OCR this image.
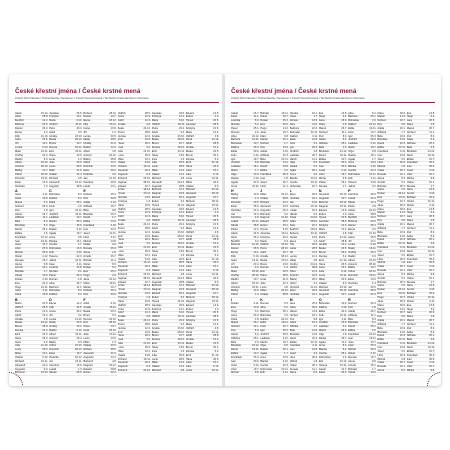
České křestní jména / České krstné mená
Czech First Names / Tschechische Vornamen / Czech Keresztnévek / Tscheche Kalenderstrem Vorname
Adam	24.12.
Alois	28.8.
Bedřich	12.2.
Božena	24.5.
Daniel	26.2.
Elena	3.2.
Filip	21.10.
Ivana	26.5.
Jiří	13.1.
Lenka	6.10.
Matěj	16.11.
Ondřej	20.4.
Radim	9.3.
Albert	23.10.
Antonín	28.10.
Blažej	10.7.
Ctibor	18.12.
Dominik	23.11.
Ester	13.6.
Hedvika	1.3.
A
Jana	4.11.
Klára	13.8.
Marek	3.2.
Norbert	26.3.
Petr	1.8.
Adéla	26.7.
Alžběta	11.1.
Běla	8.3.
Břetislav	5.2.
David	25.1.
Eliška	2.6.
František	24.12.
Ivan	19.11.
Josef	10.7.
Libor	25.3.
Michal	30.6.
Oskar	4.12.
Renata	19.7.
Alena	9.8.
Arnošt	16.1.
Bohdan	1.7.
Ctirad	13.9.
Dušan	4.10.
Eva	22.3.
Hugo	22.11.
Jana	4.11.
Klára	13.8.
B
Marie	20.5.
Oldřich	28.5.
Petra	21.6.
Adolf	12.4.
Amálie	4.8.
Beáta	24.12.
Bruno	28.8.
Denisa	12.2.
Emil	24.5.
Hana	26.2.
Iveta	3.2.
Julie	21.10.
Lucie	26.5.
Milan	13.1.
Otakar	6.10.
Richard	16.11.
Alexandr	20.4.
Augustin	9.3.
Bohumil	23.10.
Jaroslav	26.5.
Kristýna	13.1.
Marie	6.10.
Oldřich	16.11.
Petra	20.4.
Adolf	9.3.
Amálie	23.10.
Beáta	28.10.
Bruno	10.7.
Denisa	18.12.
Emil	23.11.
Hana	13.6.
Iveta	1.3.
Julie	20.5.
Lucie	28.5.
Milan	21.6.
Otakar	12.4.
Richard	4.8.
Alexandr	24.12.
Augustin	28.8.
C
Bohuslav	8.3.
Dalibor	5.2.
Edita	25.1.
Felix	2.6.
Igor	24.12.
Jindřich	19.11.
Ladislav	10.7.
Martin	25.3.
Olga	30.6.
Radek	4.12.
Agáta	19.7.
Anna	9.8.
Blanka	16.1.
Cecílie	1.7.
Dobroslav	13.9.
Erik	4.10.
Helena	22.3.
Jakub	22.11.
Karel	4.11.
Ludmila	13.8.
Monika	3.2.
Pavel	26.3.
Roman	1.8.
Alice	26.7.
Barbora	11.1.
Bohuslav	8.3.
Dalibor	5.2.
D
Elena	12.2.
Filip	24.5.
Ivana	26.2.
Jiří	3.2.
Lenka	21.10.
Matěj	26.5.
Ondřej	13.1.
Radim	6.10.
Albert	16.11.
Antonín	20.4.
Blažej	9.3.
Ctibor	23.10.
Dominik	28.10.
Ester	10.7.
Hedvika	18.12.
Jan	23.11.
Karolína	13.6.
Lukáš	1.3.
Nikola	20.5.
Božena	28.10.
Daniel	10.7.
Elena	18.12.
Filip	23.11.
Ivana	13.6.
Jiří	1.3.
Lenka	20.5.
Matěj	28.5.
Ondřej	21.6.
Radim	12.4.
Albert	4.8.
Antonín	24.12.
Blažej	28.8.
Ctibor	12.2.
Dominik	24.5.
Ester	26.2.
Hedvika	3.2.
Jan	21.10.
Karolína	26.5.
Lukáš	13.1.
E
Norbert	25.3.
Petr	30.6.
Adéla	4.12.
Alžběta	19.7.
Běla	9.8.
Břetislav	16.1.
David	1.7.
Eliška	13.9.
František	4.10.
Ivan	22.3.
Josef	22.11.
Libor	4.11.
Michal	13.8.
Oskar	3.2.
Renata	26.3.
Alena	1.8.
Arnošt	26.7.
Bohdan	11.1.
Ctirad	8.3.
Dušan	5.2.
Eva	25.1.
Hugo	2.6.
Jana	24.12.
Klára	19.11.
Marek	10.7.
Norbert	25.3.
Petr	30.6.
F
Adolf	6.10.
Amálie	16.11.
Beáta	20.4.
Bruno	9.3.
Denisa	23.10.
Emil	28.10.
Hana	10.7.
Iveta	18.12.
Julie	23.11.
Lucie	13.6.
Milan	1.3.
Otakar	20.5.
Richard	28.5.
Alexandr	21.6.
Augustin	12.4.
Bohumil	4.8.
Dagmar	24.12.
Eduard	28.8.
Evžen	12.2.
Oldřich	28.5.
Petra	21.6.
Adolf	12.4.
Amálie	4.8.
Beáta	24.12.
Bruno	28.8.
Denisa	12.2.
Emil	24.5.
Hana	26.2.
Iveta	3.2.
Julie	21.10.
Lucie	26.5.
Milan	13.1.
Otakar	6.10.
Richard	16.11.
Alexandr	20.4.
Augustin	9.3.
Bohumil	23.10.
Dagmar	28.10.
Eduard	10.7.
Evžen	18.12.
Hynek	23.11.
Jaroslav	13.6.
Kristýna	1.3.
Marie	20.5.
Oldřich	28.5.
Petra	21.6.
Adolf	12.4.
Amálie	4.8.
Beáta	24.12.
Bruno	28.8.
Denisa	12.2.
Emil	24.5.
Hana	26.2.
Iveta	3.2.
Julie	21.10.
Lucie	26.5.
Milan	13.1.
Otakar	6.10.
Richard	16.11.
Alexandr	20.4.
Augustin	9.3.
Bohumil	23.10.
Dagmar	28.10.
Eduard	10.7.
Evžen	18.12.
Hynek	23.11.
Jaroslav	13.6.
Kristýna	1.3.
Marie	20.5.
Oldřich	28.5.
Petra	21.6.
Adolf	12.4.
Amálie	4.8.
Beáta	24.12.
Bruno	28.8.
Denisa	12.2.
Emil	24.5.
Hana	26.2.
Iveta	3.2.
Julie	21.10.
Lucie	26.5.
Milan	13.1.
Otakar	6.10.
Richard	16.11.
Alexandr	20.4.
Augustin	9.3.
Bohumil	23.10.
Jaroslav	26.5.
Kristýna	13.1.
Marie	6.10.
Oldřich	16.11.
Petra	20.4.
Adolf	9.3.
Amálie	23.10.
Beáta	28.10.
Bruno	10.7.
Denisa	18.12.
Emil	23.11.
Hana	13.6.
Iveta	1.3.
Julie	20.5.
Lucie	28.5.
Milan	21.6.
Otakar	12.4.
Richard	4.8.
Alexandr	24.12.
Augustin	28.8.
Bohumil	12.2.
Dagmar	24.5.
Eduard	26.2.
Evžen	3.2.
Hynek	21.10.
Jaroslav	26.5.
Kristýna	13.1.
Marie	6.10.
Oldřich	16.11.
Petra	20.4.
Adolf	9.3.
Amálie	23.10.
Beáta	28.10.
Bruno	10.7.
Denisa	18.12.
Emil	23.11.
Hana	13.6.
Iveta	1.3.
Julie	20.5.
Lucie	28.5.
Milan	21.6.
Otakar	12.4.
Richard	4.8.
Alexandr	24.12.
Augustin	28.8.
Bohumil	12.2.
Dagmar	24.5.
Eduard	26.2.
Evžen	3.2.
Hynek	21.10.
Jaroslav	26.5.
Kristýna	13.1.
Marie	6.10.
Oldřich	16.11.
Petra	20.4.
Adolf	9.3.
Amálie	23.10.
Beáta	28.10.
Bruno	10.7.
Denisa	18.12.
Emil	23.11.
Hana	13.6.
Iveta	1.3.
Julie	20.5.
Lucie	28.5.
Milan	21.6.
Otakar	12.4.
Richard	4.8.
Eduard	13.6.
Evžen	1.3.
Hynek	20.5.
Jaroslav	28.5.
Kristýna	21.6.
Marie	12.4.
Oldřich	4.8.
Petra	24.12.
Adolf	28.8.
Amálie	12.2.
Beáta	24.5.
Bruno	26.2.
Denisa	3.2.
Emil	21.10.
Hana	26.5.
Iveta	13.1.
Julie	6.10.
Lucie	16.11.
Milan	20.4.
Otakar	9.3.
Richard	23.10.
Alexandr	28.10.
Augustin	10.7.
Bohumil	18.12.
Dagmar	23.11.
Eduard	13.6.
Evžen	1.3.
Hynek	20.5.
Jaroslav	28.5.
Kristýna	21.6.
Marie	12.4.
Oldřich	4.8.
Petra	24.12.
Adolf	28.8.
Amálie	12.2.
Beáta	24.5.
Bruno	26.2.
Denisa	3.2.
Emil	21.10.
Hana	26.5.
Iveta	13.1.
Julie	6.10.
Lucie	16.11.
Milan	20.4.
Otakar	9.3.
Richard	23.10.
Alexandr	28.10.
Augustin	10.7.
Bohumil	18.12.
Dagmar	23.11.
Eduard	13.6.
Evžen	1.3.
Hynek	20.5.
Jaroslav	28.5.
Kristýna	21.6.
Marie	12.4.
Oldřich	4.8.
Petra	24.12.
Adolf	28.8.
Amálie	12.2.
Beáta	24.5.
Bruno	26.2.
Denisa	3.2.
Emil	21.10.
Hana	26.5.
Iveta	13.1.
Julie	6.10.
Lucie	16.11.
České křestní jména / České krstné mená
Czech First Names / Tschechische Vornamen / Czech Keresztnévek / Tscheche Kalenderstrem Vorname
Jakub	26.7.
Karel	11.1.
Ludmila	8.3.
Monika	5.2.
Pavel	25.1.
Roman	2.6.
Alice	24.12.
Barbora	19.11.
Bohuslav	10.7.
Dalibor	25.3.
Edita	30.6.
Felix	4.12.
Igor	19.7.
Jindřich	9.8.
Ladislav	16.1.
Martin	1.7.
Olga	13.9.
Radek	4.10.
Agáta	22.3.
Anna	22.11.
H
Blažej	13.6.
Ctibor	1.3.
Dominik	20.5.
Ester	28.5.
Hedvika	21.6.
Jan	12.4.
Karolína	4.8.
Lukáš	24.12.
Nikola	28.8.
Pavla	12.2.
Adam	24.5.
Alois	26.2.
Bedřich	3.2.
Božena	21.10.
Daniel	26.5.
Elena	13.1.
Filip	6.10.
Ivana	16.11.
Jiří	20.4.
Lenka	9.3.
Matěj	23.10.
Ondřej	28.10.
Radim	10.7.
Albert	18.12.
Antonín	23.11.
Blažej	13.6.
Ctibor	1.3.
I
Dušan	4.11.
Eva	13.8.
Hugo	3.2.
Jana	26.3.
Klára	1.8.
Marek	26.7.
Norbert	11.1.
Petr	8.3.
Adéla	5.2.
Alžběta	25.1.
Běla	2.6.
Břetislav	24.12.
David	19.11.
Eliška	10.7.
František	25.3.
Ivan	30.6.
Josef	4.12.
Libor	19.7.
Michal	9.8.
Bohdan	19.11.
Ctirad	10.7.
Dušan	25.3.
Eva	30.6.
Hugo	4.12.
Jana	19.7.
Klára	9.8.
Marek	16.1.
Norbert	1.7.
Petr	13.9.
Adéla	4.10.
Alžběta	22.3.
Běla	22.11.
Břetislav	4.11.
David	13.8.
Eliška	3.2.
František	26.3.
Ivan	1.8.
Josef	26.7.
Libor	11.1.
J
Milan	24.12.
Otakar	28.8.
Richard	12.2.
Alexandr	24.5.
Augustin	26.2.
Bohumil	3.2.
Dagmar	21.10.
Eduard	26.5.
Evžen	13.1.
Hynek	6.10.
Jaroslav	16.11.
Kristýna	20.4.
Marie	9.3.
Oldřich	23.10.
Petra	28.10.
Adolf	10.7.
Amálie	18.12.
Beáta	23.11.
Bruno	13.6.
Denisa	1.3.
Emil	20.5.
Hana	28.5.
Iveta	21.6.
Julie	12.4.
Lucie	4.8.
Milan	24.12.
Otakar	28.8.
K
Roman	8.3.
Alice	5.2.
Barbora	25.1.
Bohuslav	2.6.
Dalibor	24.12.
Edita	19.11.
Felix	10.7.
Igor	25.3.
Jindřich	30.6.
Ladislav	4.12.
Martin	19.7.
Olga	9.8.
Radek	16.1.
Agáta	1.7.
Anna	13.9.
Blanka	4.10.
Cecílie	22.3.
Dobroslav	22.11.
Erik	4.11.
Monika	16.1.
Pavel	1.7.
Roman	13.9.
Alice	4.10.
Barbora	22.3.
Bohuslav	22.11.
Dalibor	4.11.
Edita	13.8.
Felix	3.2.
Igor	26.3.
Jindřich	1.8.
Ladislav	26.7.
Martin	11.1.
Olga	8.3.
Radek	5.2.
Agáta	25.1.
Anna	2.6.
Blanka	24.12.
Cecílie	19.11.
Dobroslav	10.7.
L
Ester	26.5.
Hedvika	13.1.
Jan	6.10.
Karolína	16.11.
Lukáš	20.4.
Nikola	9.3.
Pavla	23.10.
Adam	28.10.
Alois	10.7.
Bedřich	18.12.
Božena	23.11.
Daniel	13.6.
Elena	1.3.
Filip	20.5.
Ivana	28.5.
Jiří	21.6.
Lenka	12.4.
Matěj	4.8.
Ondřej	24.12.
Radim	28.8.
Albert	12.2.
Antonín	24.5.
Blažej	26.2.
Ctibor	3.2.
Dominik	21.10.
Ester	26.5.
Hedvika	13.1.
M
Jana	25.3.
Klára	30.6.
Marek	4.12.
Norbert	19.7.
Petr	9.8.
Adéla	16.1.
Alžběta	1.7.
Běla	13.9.
Břetislav	4.10.
David	22.3.
Eliška	22.11.
František	4.11.
Ivan	13.8.
Josef	3.2.
Libor	26.3.
Michal	1.8.
Oskar	26.7.
Renata	11.1.
Alena	8.3.
Eva	13.8.
Hugo	3.2.
Jana	26.3.
Klára	1.8.
Marek	26.7.
Norbert	11.1.
Petr	8.3.
Adéla	5.2.
Alžběta	25.1.
Běla	2.6.
Břetislav	24.12.
David	19.11.
Eliška	10.7.
František	25.3.
Ivan	30.6.
Josef	4.12.
Libor	19.7.
Michal	9.8.
Oskar	16.1.
Renata	1.7.
N
Alexandr	28.10.
Augustin	10.7.
Bohumil	18.12.
Dagmar	23.11.
Eduard	13.6.
Evžen	1.3.
Hynek	20.5.
Jaroslav	28.5.
Kristýna	21.6.
Marie	12.4.
Oldřich	4.8.
Petra	24.12.
Adolf	28.8.
Amálie	12.2.
Beáta	24.5.
Bruno	26.2.
Denisa	3.2.
Emil	21.10.
Hana	26.5.
Iveta	13.1.
Julie	6.10.
Lucie	16.11.
Milan	20.4.
Otakar	9.3.
Richard	23.10.
Alexandr	28.10.
Augustin	10.7.
O
Bohuslav	13.9.
Dalibor	4.10.
Edita	22.3.
Felix	22.11.
Igor	4.11.
Jindřich	13.8.
Ladislav	3.2.
Martin	26.3.
Olga	1.8.
Radek	26.7.
Agáta	11.1.
Anna	8.3.
Blanka	5.2.
Cecílie	25.1.
Dobroslav	2.6.
Erik	24.12.
Helena	19.11.
Jakub	10.7.
Karel	25.3.
Alice	5.2.
Barbora	25.1.
Bohuslav	2.6.
Dalibor	24.12.
Edita	19.11.
Felix	10.7.
Igor	25.3.
Jindřich	30.6.
Ladislav	4.12.
Martin	19.7.
Olga	9.8.
Radek	16.1.
Agáta	1.7.
Anna	13.9.
Blanka	4.10.
Cecílie	22.3.
Dobroslav	22.11.
Erik	4.11.
Helena	13.8.
Jakub	3.2.
P
Karolína	28.5.
Lukáš	21.6.
Nikola	12.4.
Pavla	4.8.
Adam	24.12.
Alois	28.8.
Bedřich	12.2.
Božena	24.5.
Daniel	26.2.
Elena	3.2.
Filip	21.10.
Ivana	26.5.
Jiří	13.1.
Lenka	6.10.
Matěj	16.11.
Ondřej	20.4.
Radim	9.3.
Albert	23.10.
Antonín	28.10.
Blažej	10.7.
Ctibor	18.12.
Dominik	23.11.
Ester	13.6.
Hedvika	1.3.
Jan	20.5.
Karolína	28.5.
Lukáš	21.6.
R
Norbert	26.3.
Petr	1.8.
Adéla	26.7.
Alžběta	11.1.
Běla	8.3.
Břetislav	5.2.
David	25.1.
Eliška	2.6.
František	24.12.
Ivan	19.11.
Josef	10.7.
Libor	25.3.
Michal	30.6.
Oskar	4.12.
Renata	19.7.
Alena	9.8.
Arnošt	16.1.
Bohdan	1.7.
Ctirad	13.9.
Klára	30.6.
Marek	4.12.
Norbert	19.7.
Petr	9.8.
Adéla	16.1.
Alžběta	1.7.
Běla	13.9.
Břetislav	4.10.
David	22.3.
Eliška	22.11.
František	4.11.
Ivan	13.8.
Josef	3.2.
Libor	26.3.
Michal	1.8.
Oskar	26.7.
Renata	11.1.
Alena	8.3.
Arnošt	5.2.
Bohdan	25.1.
Ctirad	2.6.
Dušan	24.12.
Eva	19.11.
Hugo	10.7.
Jana	25.3.
Klára	30.6.
Marek	4.12.
Norbert	19.7.
Petr	9.8.
Adéla	16.1.
Alžběta	1.7.
Běla	13.9.
Břetislav	4.10.
David	22.3.
Eliška	22.11.
František	4.11.
Ivan	13.8.
Josef	3.2.
Libor	26.3.
Michal	1.8.
Oskar	26.7.
Renata	11.1.
Alena	8.3.
Arnošt	5.2.
Bohdan	25.1.
Ctirad	2.6.
Dušan	24.12.
Eva	19.11.
Hugo	10.7.
Jana	25.3.
Klára	30.6.
Marek	4.12.
Norbert	19.7.
Petr	9.8.
Adéla	16.1.
Alžběta	1.7.
Běla	13.9.
Břetislav	4.10.
David	22.3.
Eliška	22.11.
František	4.11.
Ivan	13.8.
Josef	3.2.
Libor	26.3.
Michal	1.8.
Oskar	26.7.
Renata	11.1.
Alena	8.3.
Eva	13.8.
Hugo	3.2.
Jana	26.3.
Klára	1.8.
Marek	26.7.
Norbert	11.1.
Petr	8.3.
Adéla	5.2.
Alžběta	25.1.
Běla	2.6.
Břetislav	24.12.
David	19.11.
Eliška	10.7.
František	25.3.
Ivan	30.6.
Josef	4.12.
Libor	19.7.
Michal	9.8.
Oskar	16.1.
Renata	1.7.
Alena	13.9.
Arnošt	4.10.
Bohdan	22.3.
Ctirad	22.11.
Dušan	4.11.
Eva	13.8.
Hugo	3.2.
Jana	26.3.
Klára	1.8.
Marek	26.7.
Norbert	11.1.
Petr	8.3.
Adéla	5.2.
Alžběta	25.1.
Běla	2.6.
Břetislav	24.12.
David	19.11.
Eliška	10.7.
František	25.3.
Ivan	30.6.
Josef	4.12.
Libor	19.7.
Michal	9.8.
Oskar	16.1.
Renata	1.7.
Alena	13.9.
Arnošt	4.10.
Bohdan	22.3.
Ctirad	22.11.
Dušan	4.11.
Eva	13.8.
Hugo	3.2.
Jana	26.3.
Klára	1.8.
Marek	26.7.
Norbert	11.1.
Petr	8.3.
Adéla	5.2.
Alžběta	25.1.
Běla	2.6.
Břetislav	24.12.
David	19.11.
Eliška	10.7.
František	25.3.
Ivan	30.6.
Josef	4.12.
Libor	19.7.
Michal	9.8.
